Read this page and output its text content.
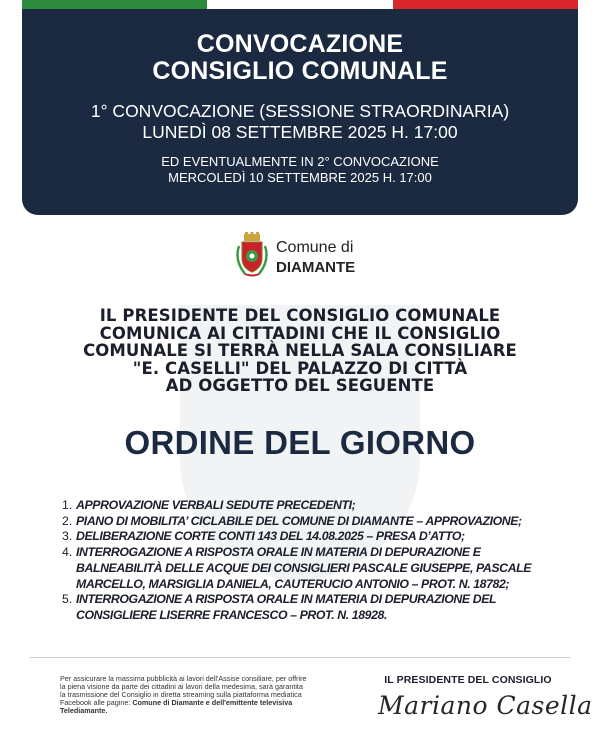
CONVOCAZIONE
CONSIGLIO COMUNALE
1° CONVOCAZIONE (SESSIONE STRAORDINARIA)
LUNEDÌ 08 SETTEMBRE 2025 H. 17:00
ED EVENTUALMENTE IN 2° CONVOCAZIONE
MERCOLEDÌ 10 SETTEMBRE 2025 H. 17:00
Comune di
DIAMANTE
IL PRESIDENTE DEL CONSIGLIO COMUNALE
COMUNICA AI CITTADINI CHE IL CONSIGLIO
COMUNALE SI TERRÀ NELLA SALA CONSILIARE
"E. CASELLI" DEL PALAZZO DI CITTÀ
AD OGGETTO DEL SEGUENTE
ORDINE DEL GIORNO
1. APPROVAZIONE VERBALI SEDUTE PRECEDENTI;
2. PIANO DI MOBILITA’ CICLABILE DEL COMUNE DI DIAMANTE – APPROVAZIONE;
3. DELIBERAZIONE CORTE CONTI 143 DEL 14.08.2025 – PRESA D’ATTO;
4. INTERROGAZIONE A RISPOSTA ORALE IN MATERIA DI DEPURAZIONE E BALNEABILITÀ DELLE ACQUE DEI CONSIGLIERI PASCALE GIUSEPPE, PASCALE MARCELLO, MARSIGLIA DANIELA, CAUTERUCIO ANTONIO – PROT. N. 18782;
5. INTERROGAZIONE A RISPOSTA ORALE IN MATERIA DI DEPURAZIONE DEL CONSIGLIERE LISERRE FRANCESCO – PROT. N. 18928.
Per assicurare la massima pubblicità ai lavori dell'Assise consiliare, per offrire la piena visione da parte dei cittadini ai lavori della medesima, sarà garantita la trasmissione del Consiglio in diretta streaming sulla piattaforma mediatica Facebook alle pagine: Comune di Diamante e dell'emittente televisiva Telediamante.
IL PRESIDENTE DEL CONSIGLIO
Mariano Casella
